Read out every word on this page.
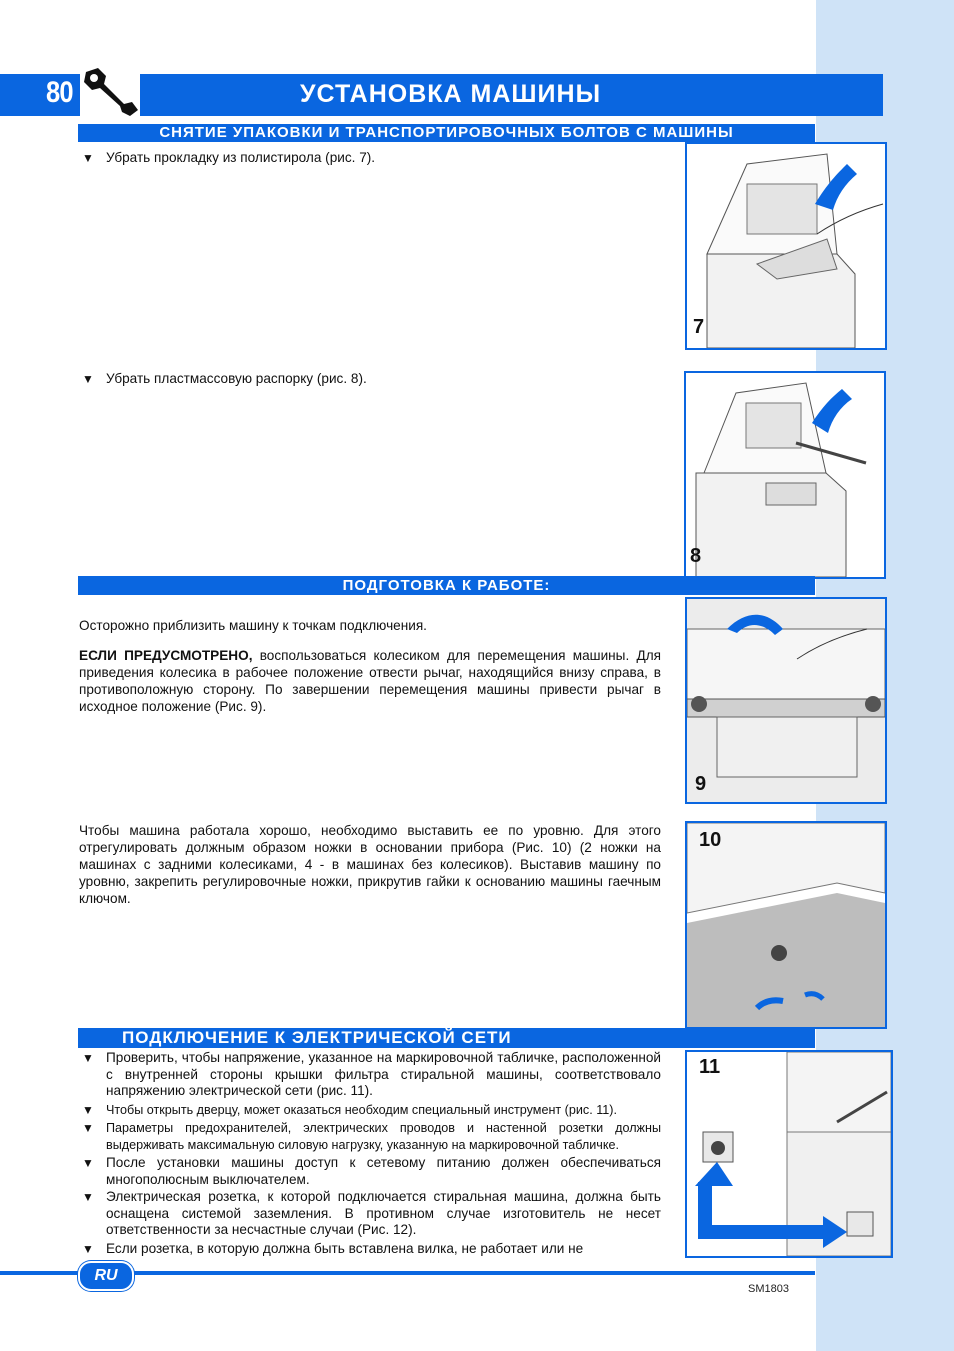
80	УСТАНОВКА МАШИНЫ
СНЯТИЕ УПАКОВКИ И ТРАНСПОРТИРОВОЧНЫХ БОЛТОВ С МАШИНЫ
▼ Убрать прокладку из полистирола (рис. 7).
▼ Убрать пластмассовую распорку (рис. 8).
7
8
ПОДГОТОВКА К РАБОТЕ:
Осторожно приблизить машину к точкам подключения.
ЕСЛИ ПРЕДУСМОТРЕНО, воспользоваться колесиком для перемещения машины. Для приведения колесика в рабочее положение отвести рычаг, находящийся внизу справа, в противоположную сторону. По завершении перемещения машины привести рычаг в исходное положение (Рис. 9).
Чтобы машина работала хорошо, необходимо выставить ее по уровню. Для этого отрегулировать должным образом ножки в основании прибора (Рис. 10) (2 ножки на машинах с задними колесиками, 4 - в машинах без колесиков). Выставив машину по уровню, закрепить регулировочные ножки, прикрутив гайки к основанию машины гаечным ключом.
9
10
ПОДКЛЮЧЕНИЕ К ЭЛЕКТРИЧЕСКОЙ СЕТИ
▼ Проверить, чтобы напряжение, указанное на маркировочной табличке, расположенной с внутренней стороны крышки фильтра стиральной машины, соответствовало напряжению электрической сети (рис. 11).
▼ Чтобы открыть дверцу, может оказаться необходим специальный инструмент (рис. 11).
▼ Параметры предохранителей, электрических проводов и настенной розетки должны выдерживать максимальную силовую нагрузку, указанную на маркировочной табличке.
▼ После установки машины доступ к сетевому питанию должен обеспечиваться многополюсным выключателем.
▼ Электрическая розетка, к которой подключается стиральная машина, должна быть оснащена системой заземления. В противном случае изготовитель не несет ответственности за несчастные случаи (Рис. 12).
▼ Если розетка, в которую должна быть вставлена вилка, не работает или не
11
RU
SM1803
